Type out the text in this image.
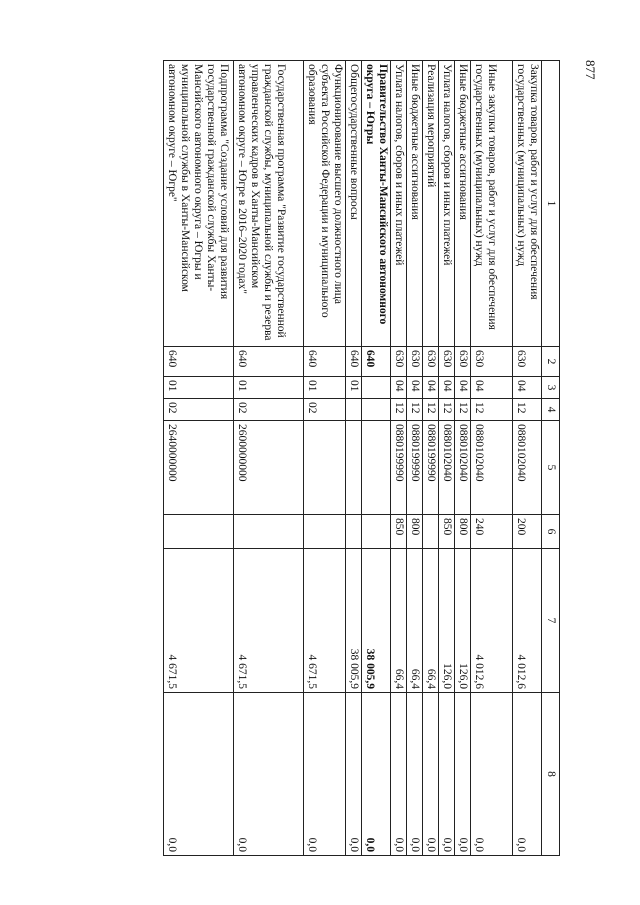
877
1	2	3	4	5	6	7	8
Закупка товаров, работ и услуг для обеспечения государственных (муниципальных) нужд	630	04	12	0880102040	200	4 012,6	0,0
Иные закупки товаров, работ и услуг для обеспечения государственных (муниципальных) нужд	630	04	12	0880102040	240	4 012,6	0,0
Иные бюджетные ассигнования	630	04	12	0880102040	800	126,0	0,0
Уплата налогов, сборов и иных платежей	630	04	12	0880102040	850	126,0	0,0
Реализация мероприятий	630	04	12	0880199990		66,4	0,0
Иные бюджетные ассигнования	630	04	12	0880199990	800	66,4	0,0
Уплата налогов, сборов и иных платежей	630	04	12	0880199990	850	66,4	0,0
Правительство Ханты-Мансийского автономного округа – Югры	640					38 005,9	0,0
Общегосударственные вопросы	640	01				38 005,9	0,0
Функционирование высшего должностного лица субъекта Российской Федерации и муниципального образования	640	01	02			4 671,5	0,0
Государственная программа "Развитие государственной гражданской службы, муниципальной службы и резерва управленческих кадров в Ханты-Мансийском автономном округе – Югре в 2016–2020 годах"	640	01	02	2600000000		4 671,5	0,0
Подпрограмма "Создание условий для развития государственной гражданской службы Ханты-Мансийского автономного округа – Югры и муниципальной службы в Ханты-Мансийском автономном округе – Югре"	640	01	02	2640000000		4 671,5	0,0
